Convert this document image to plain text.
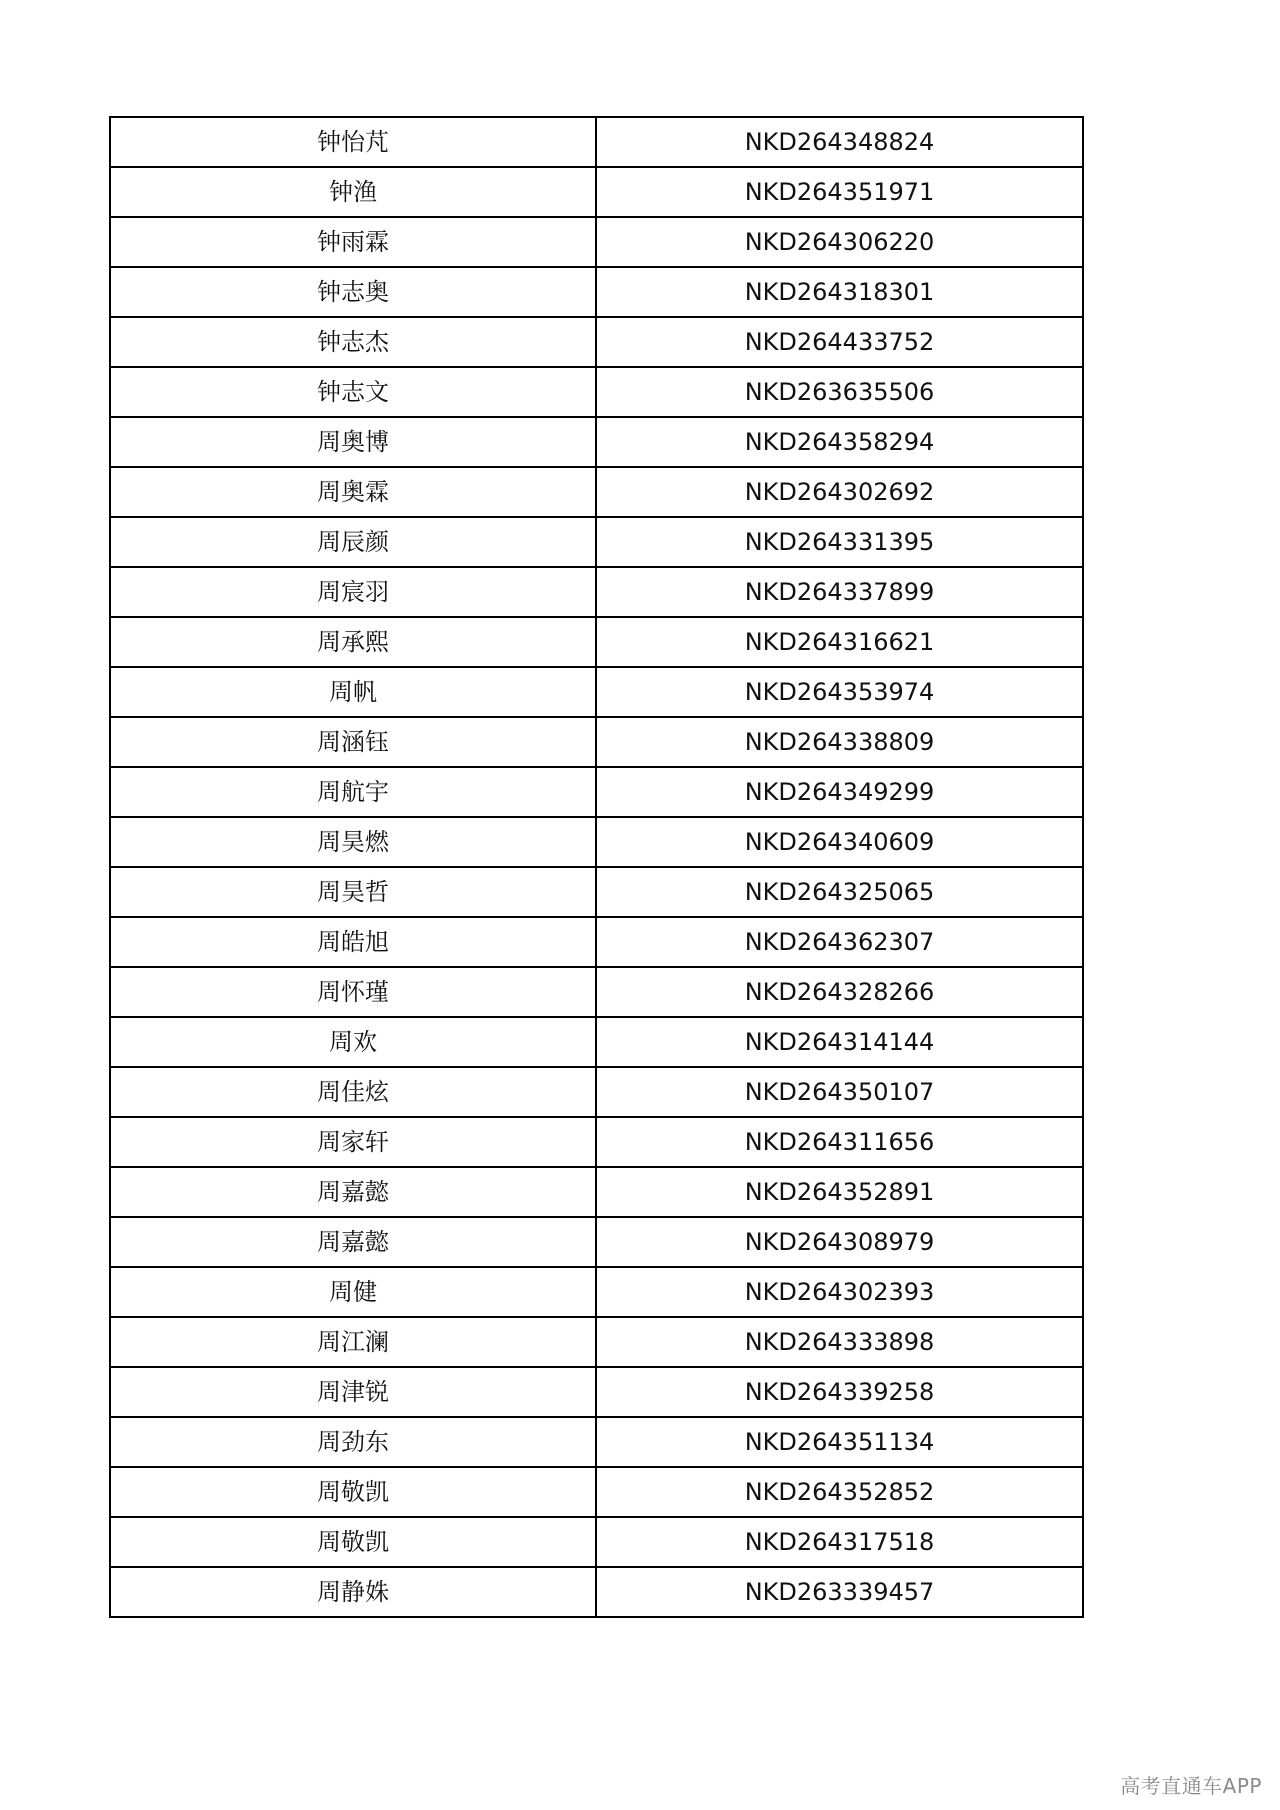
钟怡芃	NKD264348824
钟渔	NKD264351971
钟雨霖	NKD264306220
钟志奥	NKD264318301
钟志杰	NKD264433752
钟志文	NKD263635506
周奥博	NKD264358294
周奥霖	NKD264302692
周辰颜	NKD264331395
周宸羽	NKD264337899
周承熙	NKD264316621
周帆	NKD264353974
周涵钰	NKD264338809
周航宇	NKD264349299
周昊燃	NKD264340609
周昊哲	NKD264325065
周皓旭	NKD264362307
周怀瑾	NKD264328266
周欢	NKD264314144
周佳炫	NKD264350107
周家轩	NKD264311656
周嘉懿	NKD264352891
周嘉懿	NKD264308979
周健	NKD264302393
周江澜	NKD264333898
周津锐	NKD264339258
周劲东	NKD264351134
周敬凯	NKD264352852
周敬凯	NKD264317518
周静姝	NKD263339457
高考直通车APP
